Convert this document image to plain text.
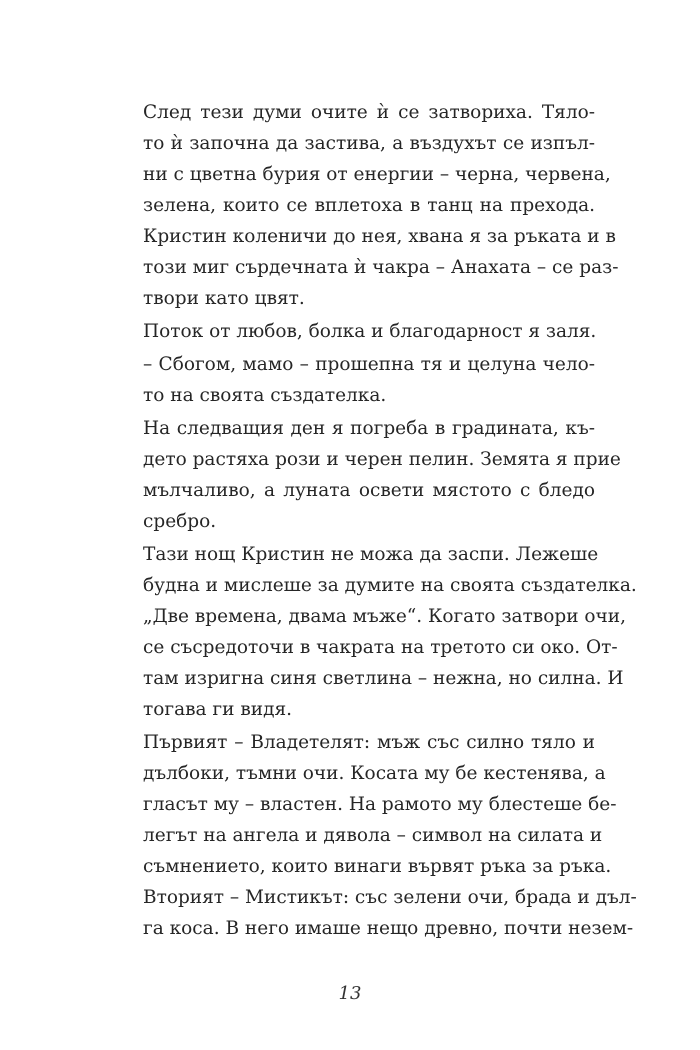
След тези думи очите ѝ се затвориха. Тяло-
то ѝ започна да застива, а въздухът се изпъл-
ни с цветна бурия от енергии – черна, червена,
зелена, които се вплетоха в танц на прехода.
Кристин коленичи до нея, хвана я за ръката и в
този миг сърдечната ѝ чакра – Анахата – се раз-
твори като цвят.

Поток от любов, болка и благодарност я заля.

– Сбогом, мамо – прошепна тя и целуна чело-
то на своята създателка.

На следващия ден я погреба в градината, къ-
дето растяха рози и черен пелин. Земята я прие
мълчаливо, а луната освети мястото с бледо
сребро.

Тази нощ Кристин не можа да заспи. Лежеше
будна и мислеше за думите на своята създателка.
„Две времена, двама мъже“. Когато затвори очи,
се съсредоточи в чакрата на третото си око. От-
там изригна синя светлина – нежна, но силна. И
тогава ги видя.

Първият – Владетелят: мъж със силно тяло и
дълбоки, тъмни очи. Косата му бе кестенява, а
гласът му – властен. На рамото му блестеше бе-
легът на ангела и дявола – символ на силата и
съмнението, които винаги вървят ръка за ръка.
Вторият – Мистикът: със зелени очи, брада и дъл-
га коса. В него имаше нещо древно, почти незем-

13
